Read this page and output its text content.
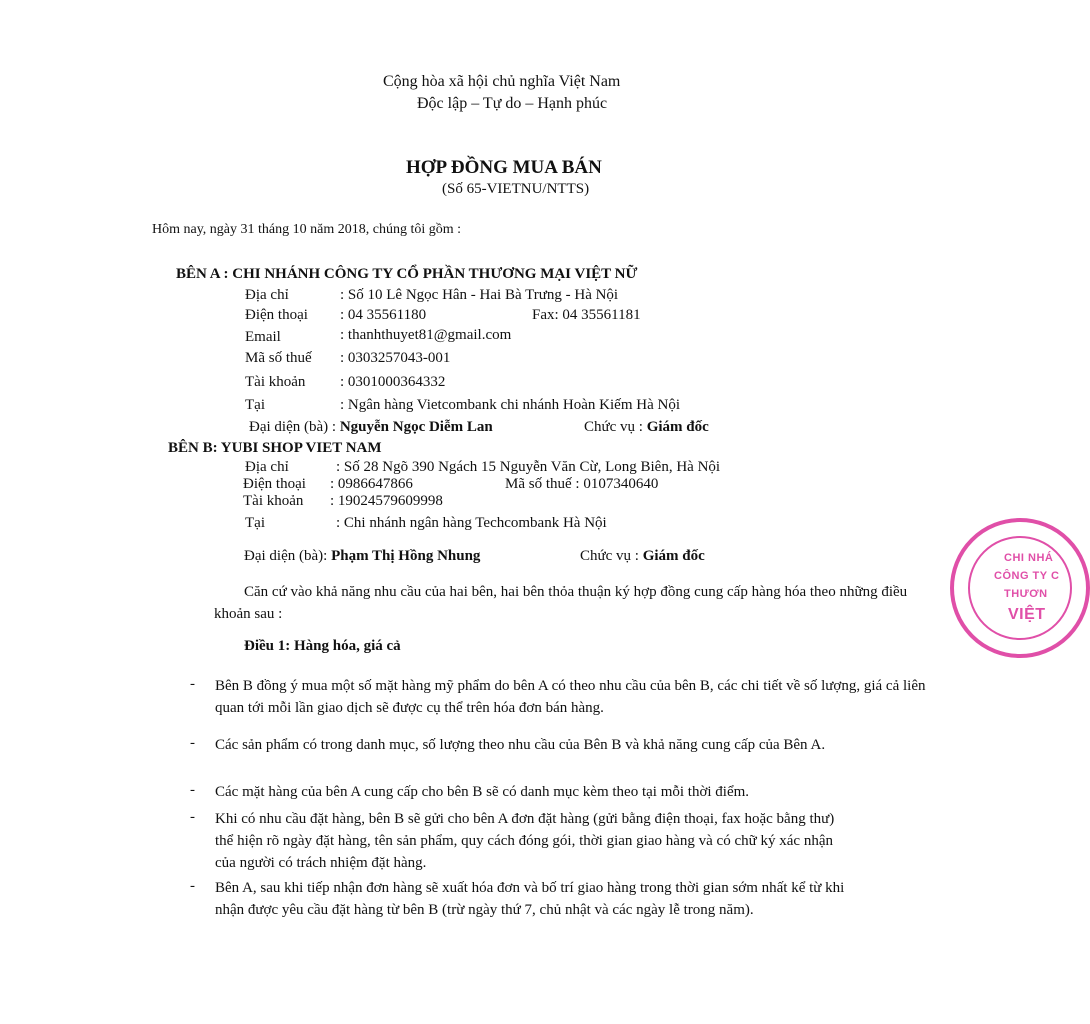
Cộng hòa xã hội chủ nghĩa Việt Nam
Độc lập – Tự do – Hạnh phúc
HỢP ĐỒNG MUA BÁN
(Số 65-VIETNU/NTTS)
Hôm nay, ngày 31 tháng 10 năm 2018, chúng tôi gồm :
BÊN A : CHI NHÁNH CÔNG TY CỔ PHẦN THƯƠNG MẠI VIỆT NỮ
Địa chỉ	: Số 10 Lê Ngọc Hân - Hai Bà Trưng - Hà Nội
Điện thoại : 04 35561180	Fax: 04 35561181
Email	: thanhthuyet81@gmail.com
Mã số thuế : 0303257043-001
Tài khoản : 0301000364332
Tại	: Ngân hàng Vietcombank chi nhánh Hoàn Kiếm Hà Nội
Đại diện (bà) : Nguyễn Ngọc Diễm Lan	Chức vụ : Giám đốc
BÊN B: YUBI SHOP VIET NAM
Địa chỉ	: Số 28 Ngõ 390 Ngách 15 Nguyễn Văn Cừ, Long Biên, Hà Nội
Điện thoại : 0986647866	Mã số thuế : 0107340640
Tài khoản : 19024579609998
Tại	: Chi nhánh ngân hàng Techcombank Hà Nội
Đại diện (bà): Phạm Thị Hồng Nhung	Chức vụ : Giám đốc
Căn cứ vào khả năng nhu cầu của hai bên, hai bên thỏa thuận ký hợp đồng cung cấp hàng hóa theo những điều khoản sau :
Điều 1: Hàng hóa, giá cả
- Bên B đồng ý mua một số mặt hàng mỹ phẩm do bên A có theo nhu cầu của bên B, các chi tiết về số lượng, giá cả liên quan tới mỗi lần giao dịch sẽ được cụ thể trên hóa đơn bán hàng.
- Các sản phẩm có trong danh mục, số lượng theo nhu cầu của Bên B và khả năng cung cấp của Bên A.
- Các mặt hàng của bên A cung cấp cho bên B sẽ có danh mục kèm theo tại mỗi thời điểm.
- Khi có nhu cầu đặt hàng, bên B sẽ gửi cho bên A đơn đặt hàng (gửi bằng điện thoại, fax hoặc bằng thư) thể hiện rõ ngày đặt hàng, tên sản phẩm, quy cách đóng gói, thời gian giao hàng và có chữ ký xác nhận của người có trách nhiệm đặt hàng.
- Bên A, sau khi tiếp nhận đơn hàng sẽ xuất hóa đơn và bố trí giao hàng trong thời gian sớm nhất kể từ khi nhận được yêu cầu đặt hàng từ bên B (trừ ngày thứ 7, chủ nhật và các ngày lễ trong năm).
CHI NHÁ
CÔNG TY C
THƯƠN
VIỆT
